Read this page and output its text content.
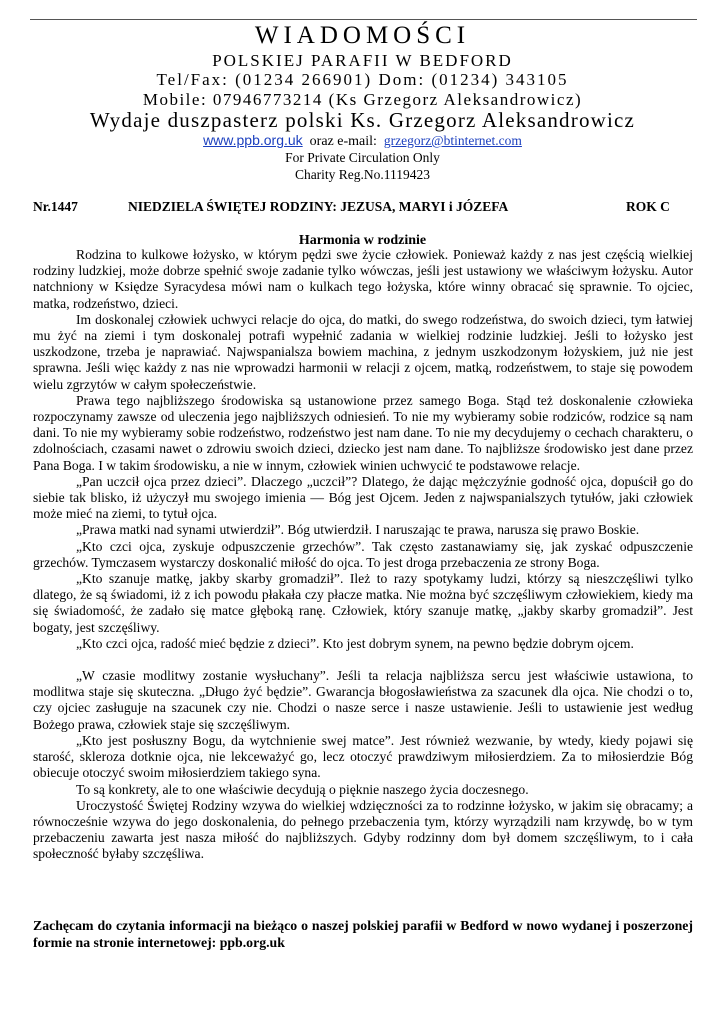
WIADOMOŚCI
POLSKIEJ PARAFII W BEDFORD
Tel/Fax: (01234 266901) Dom: (01234) 343105
Mobile: 07946773214 (Ks Grzegorz Aleksandrowicz)
Wydaje duszpasterz polski Ks. Grzegorz Aleksandrowicz
www.ppb.org.uk oraz e-mail: grzegorz@btinternet.com
For Private Circulation Only
Charity Reg.No.1119423
Nr.1447	NIEDZIELA ŚWIĘTEJ RODZINY: JEZUSA, MARYI i JÓZEFA	ROK C
Harmonia w rodzinie

Rodzina to kulkowe łożysko, w którym pędzi swe życie człowiek. Ponieważ każdy z nas jest częścią wielkiej rodziny ludzkiej, może dobrze spełnić swoje zadanie tylko wówczas, jeśli jest ustawiony we właściwym łożysku. Autor natchniony w Księdze Syracydesa mówi nam o kulkach tego łożyska, które winny obracać się sprawnie. To ojciec, matka, rodzeństwo, dzieci.

Im doskonalej człowiek uchwyci relacje do ojca, do matki, do swego rodzeństwa, do swoich dzieci, tym łatwiej mu żyć na ziemi i tym doskonalej potrafi wypełnić zadania w wielkiej rodzinie ludzkiej. Jeśli to łożysko jest uszkodzone, trzeba je naprawiać. Najwspanialsza bowiem machina, z jednym uszkodzonym łożyskiem, już nie jest sprawna. Jeśli więc każdy z nas nie wprowadzi harmonii w relacji z ojcem, matką, rodzeństwem, to staje się powodem wielu zgrzytów w całym społeczeństwie.

Prawa tego najbliższego środowiska są ustanowione przez samego Boga. Stąd też doskonalenie człowieka rozpoczynamy zawsze od uleczenia jego najbliższych odniesień. To nie my wybieramy sobie rodziców, rodzice są nam dani. To nie my wybieramy sobie rodzeństwo, rodzeństwo jest nam dane. To nie my decydujemy o cechach charakteru, o zdolnościach, czasami nawet o zdrowiu swoich dzieci, dziecko jest nam dane. To najbliższe środowisko jest dane przez Pana Boga. I w takim środowisku, a nie w innym, człowiek winien uchwycić te podstawowe relacje.

„Pan uczcił ojca przez dzieci”. Dlaczego „uczcił”? Dlatego, że dając mężczyźnie godność ojca, dopuścił go do siebie tak blisko, iż użyczył mu swojego imienia — Bóg jest Ojcem. Jeden z najwspanialszych tytułów, jaki człowiek może mieć na ziemi, to tytuł ojca.

„Prawa matki nad synami utwierdził”. Bóg utwierdził. I naruszając te prawa, narusza się prawo Boskie.

„Kto czci ojca, zyskuje odpuszczenie grzechów”. Tak często zastanawiamy się, jak zyskać odpuszczenie grzechów. Tymczasem wystarczy doskonalić miłość do ojca. To jest droga przebaczenia ze strony Boga.

„Kto szanuje matkę, jakby skarby gromadził”. Ileż to razy spotykamy ludzi, którzy są nieszczęśliwi tylko dlatego, że są świadomi, iż z ich powodu płakała czy płacze matka. Nie można być szczęśliwym człowiekiem, kiedy ma się świadomość, że zadało się matce głęboką ranę. Człowiek, który szanuje matkę, „jakby skarby gromadził”. Jest bogaty, jest szczęśliwy.

„Kto czci ojca, radość mieć będzie z dzieci”. Kto jest dobrym synem, na pewno będzie dobrym ojcem.

„W czasie modlitwy zostanie wysłuchany”. Jeśli ta relacja najbliższa sercu jest właściwie ustawiona, to modlitwa staje się skuteczna. „Długo żyć będzie”. Gwarancja błogosławieństwa za szacunek dla ojca. Nie chodzi o to, czy ojciec zasługuje na szacunek czy nie. Chodzi o nasze serce i nasze ustawienie. Jeśli to ustawienie jest według Bożego prawa, człowiek staje się szczęśliwym.

„Kto jest posłuszny Bogu, da wytchnienie swej matce”. Jest również wezwanie, by wtedy, kiedy pojawi się starość, skleroza dotknie ojca, nie lekceważyć go, lecz otoczyć prawdziwym miłosierdziem. Za to miłosierdzie Bóg obiecuje otoczyć swoim miłosierdziem takiego syna.

To są konkrety, ale to one właściwie decydują o pięknie naszego życia doczesnego.

Uroczystość Świętej Rodziny wzywa do wielkiej wdzięczności za to rodzinne łożysko, w jakim się obracamy; a równocześnie wzywa do jego doskonalenia, do pełnego przebaczenia tym, którzy wyrządzili nam krzywdę, bo w tym przebaczeniu zawarta jest nasza miłość do najbliższych. Gdyby rodzinny dom był domem szczęśliwym, to i cała społeczność byłaby szczęśliwa.

Zachęcam do czytania informacji na bieżąco o naszej polskiej parafii w Bedford w nowo wydanej i poszerzonej formie na stronie internetowej: ppb.org.uk
